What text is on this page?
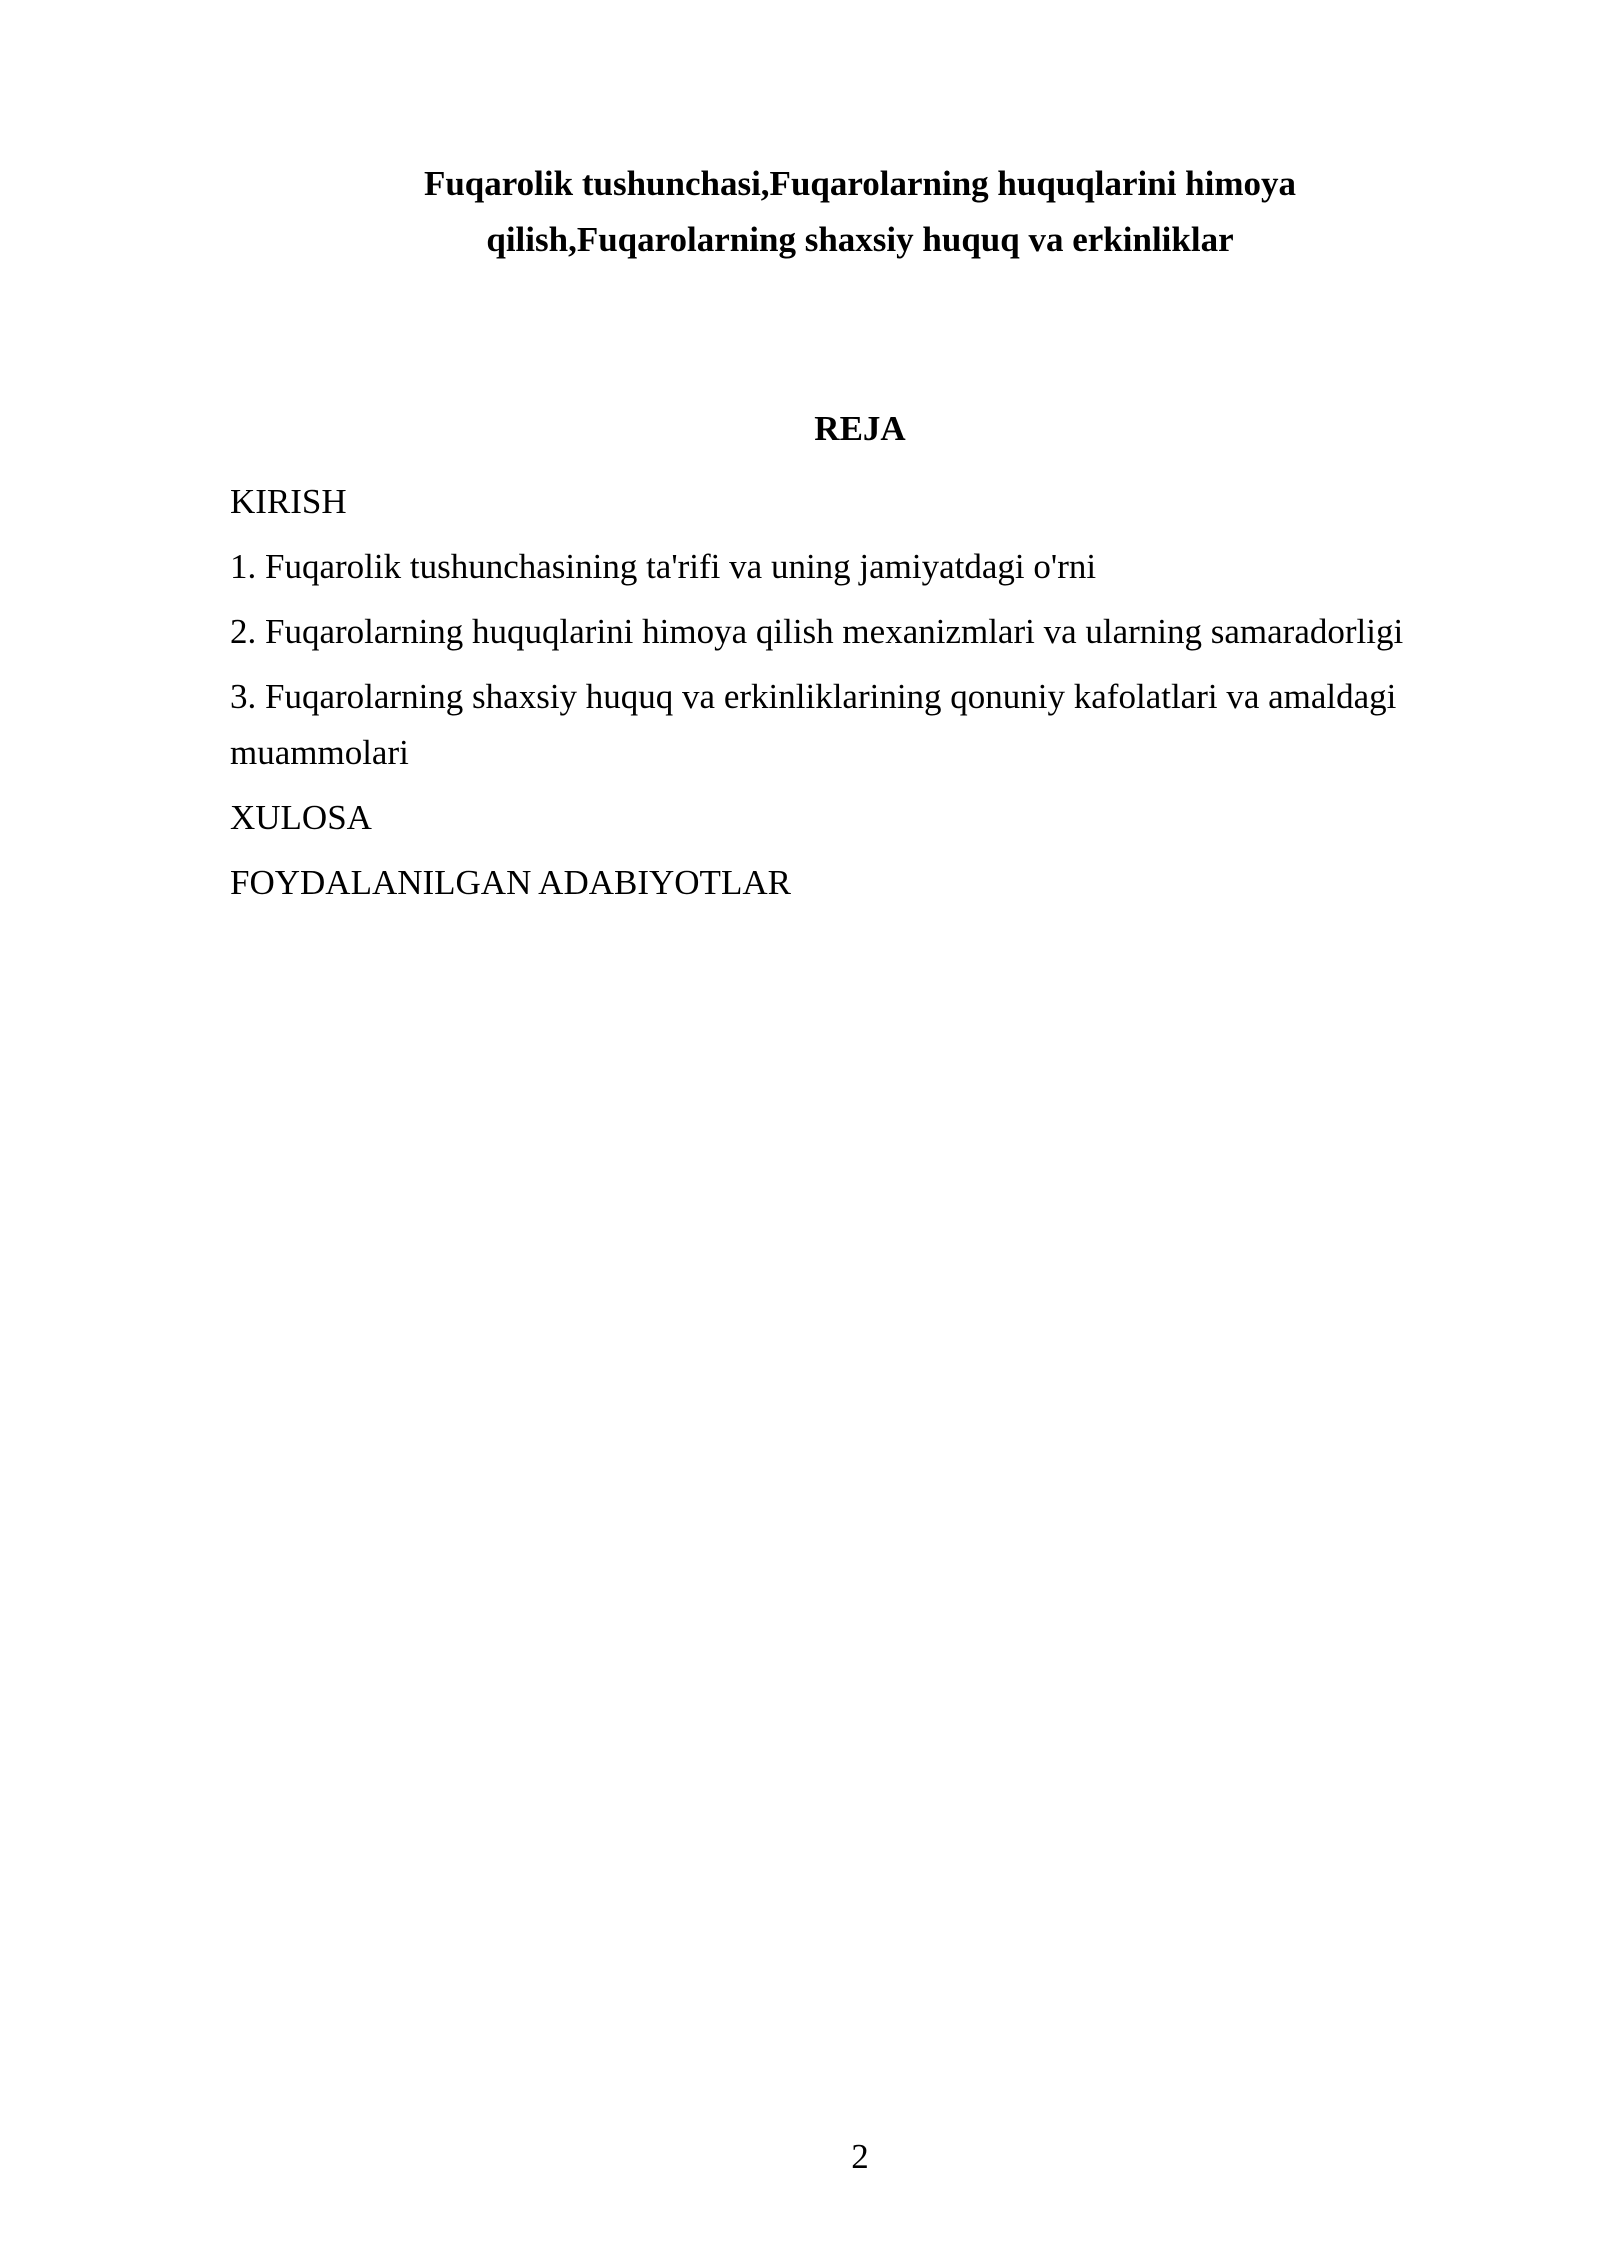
Fuqarolik tushunchasi,Fuqarolarning huquqlarini himoya
qilish,Fuqarolarning shaxsiy huquq va erkinliklar
REJA
KIRISH
1. Fuqarolik tushunchasining ta'rifi va uning jamiyatdagi o'rni
2. Fuqarolarning huquqlarini himoya qilish mexanizmlari va ularning samaradorligi
3. Fuqarolarning shaxsiy huquq va erkinliklarining qonuniy kafolatlari va amaldagi muammolari
XULOSA
FOYDALANILGAN ADABIYOTLAR
2
